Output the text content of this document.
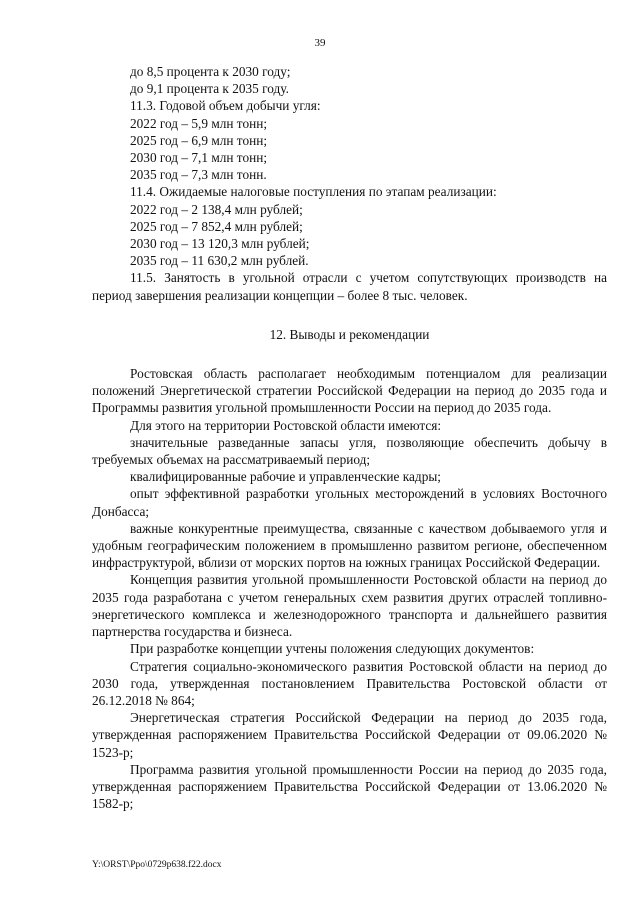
39

до 8,5 процента к 2030 году;

до 9,1 процента к 2035 году.

11.3. Годовой объем добычи угля:

2022 год – 5,9 млн тонн;

2025 год – 6,9 млн тонн;

2030 год – 7,1 млн тонн;

2035 год – 7,3 млн тонн.

11.4. Ожидаемые налоговые поступления по этапам реализации:

2022 год – 2 138,4 млн рублей;

2025 год – 7 852,4 млн рублей;

2030 год – 13 120,3 млн рублей;

2035 год – 11 630,2 млн рублей.

11.5. Занятость в угольной отрасли с учетом сопутствующих производств на период завершения реализации концепции – более 8 тыс. человек.

12. Выводы и рекомендации

Ростовская область располагает необходимым потенциалом для реализации положений Энергетической стратегии Российской Федерации на период до 2035 года и Программы развития угольной промышленности России на период до 2035 года.

Для этого на территории Ростовской области имеются:

значительные разведанные запасы угля, позволяющие обеспечить добычу в требуемых объемах на рассматриваемый период;

квалифицированные рабочие и управленческие кадры;

опыт эффективной разработки угольных месторождений в условиях Восточного Донбасса;

важные конкурентные преимущества, связанные с качеством добываемого угля и удобным географическим положением в промышленно развитом регионе, обеспеченном инфраструктурой, вблизи от морских портов на южных границах Российской Федерации.

Концепция развития угольной промышленности Ростовской области на период до 2035 года разработана с учетом генеральных схем развития других отраслей топливно-энергетического комплекса и железнодорожного транспорта и дальнейшего развития партнерства государства и бизнеса.

При разработке концепции учтены положения следующих документов:

Стратегия социально-экономического развития Ростовской области на период до 2030 года, утвержденная постановлением Правительства Ростовской области от 26.12.2018 № 864;

Энергетическая стратегия Российской Федерации на период до 2035 года, утвержденная распоряжением Правительства Российской Федерации от 09.06.2020 № 1523-р;

Программа развития угольной промышленности России на период до 2035 года, утвержденная распоряжением Правительства Российской Федерации от 13.06.2020 № 1582-р;

Y:\ORST\Ppo\0729p638.f22.docx
